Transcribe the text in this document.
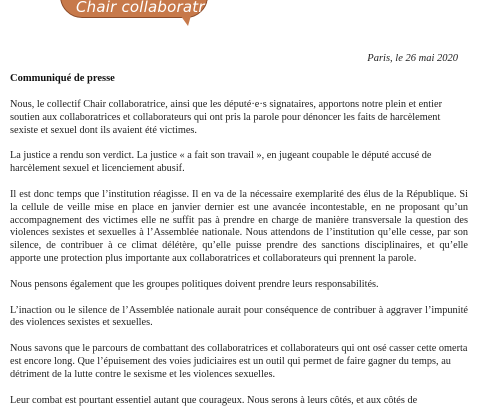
Chair collaboratrice
Paris, le 26 mai 2020
Communiqué de presse

Nous, le collectif Chair collaboratrice, ainsi que les député·e·s signataires, apportons notre plein et entier soutien aux collaboratrices et collaborateurs qui ont pris la parole pour dénoncer les faits de harcèlement sexiste et sexuel dont ils avaient été victimes.

La justice a rendu son verdict. La justice « a fait son travail », en jugeant coupable le député accusé de harcèlement sexuel et licenciement abusif.

Il est donc temps que l’institution réagisse. Il en va de la nécessaire exemplarité des élus de la République. Si la cellule de veille mise en place en janvier dernier est une avancée incontestable, en ne proposant qu’un accompagnement des victimes elle ne suffit pas à prendre en charge de manière transversale la question des violences sexistes et sexuelles à l’Assemblée nationale. Nous attendons de l’institution qu’elle cesse, par son silence, de contribuer à ce climat délétère, qu’elle puisse prendre des sanctions disciplinaires, et qu’elle apporte une protection plus importante aux collaboratrices et collaborateurs qui prennent la parole.

Nous pensons également que les groupes politiques doivent prendre leurs responsabilités.

L’inaction ou le silence de l’Assemblée nationale aurait pour conséquence de contribuer à aggraver l’impunité des violences sexistes et sexuelles.

Nous savons que le parcours de combattant des collaboratrices et collaborateurs qui ont osé casser cette omerta est encore long. Que l’épuisement des voies judiciaires est un outil qui permet de faire gagner du temps, au détriment de la lutte contre le sexisme et les violences sexuelles.

Leur combat est pourtant essentiel autant que courageux. Nous serons à leurs côtés, et aux côtés de
